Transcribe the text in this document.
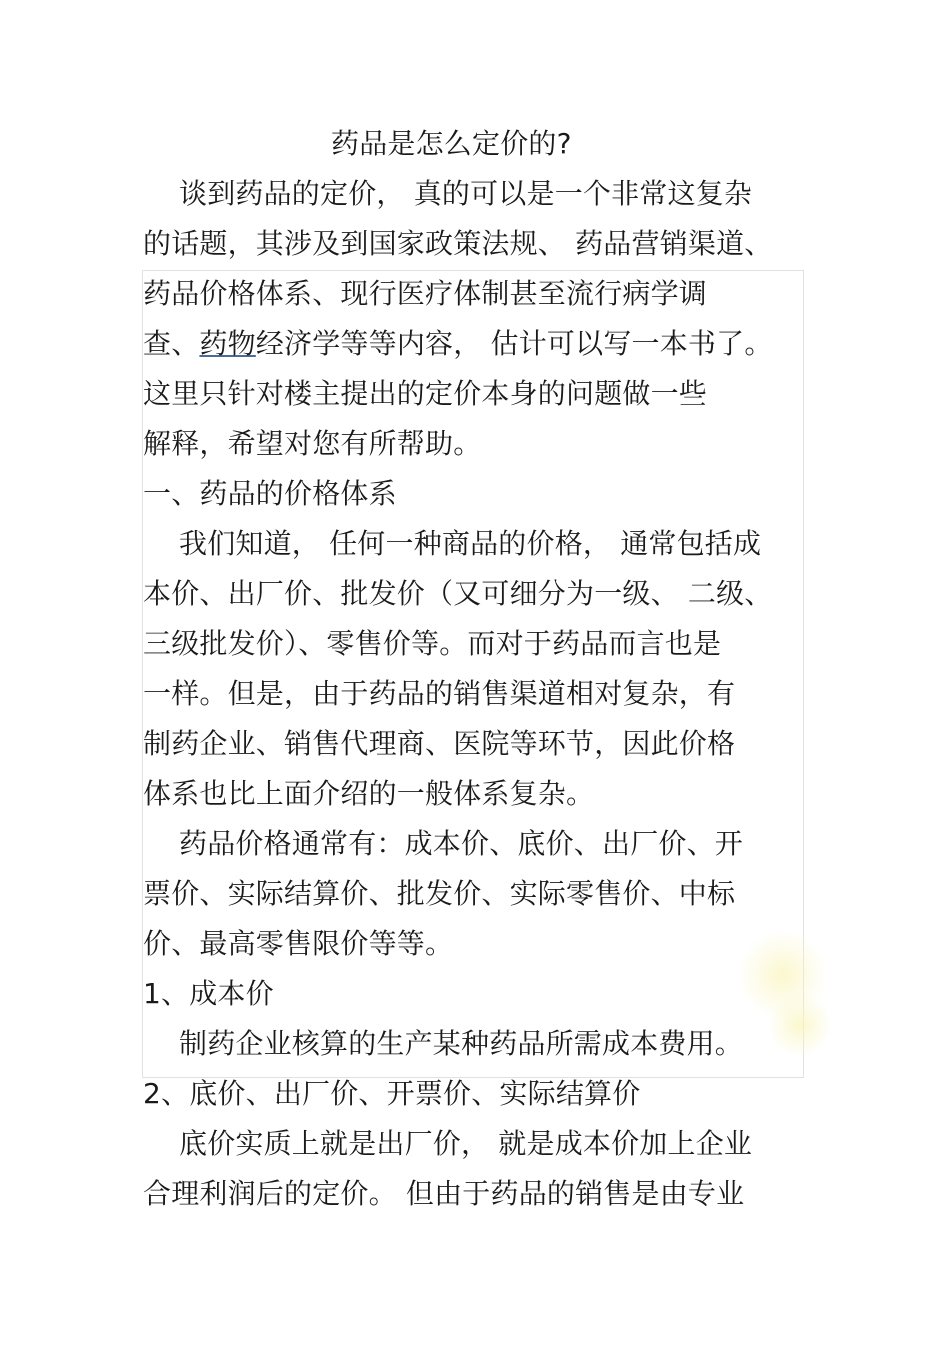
药品是怎么定价的?
谈到药品的定价， 真的可以是一个非常这复杂
的话题，其涉及到国家政策法规、 药品营销渠道、
药品价格体系、现行医疗体制甚至流行病学调
查、药物经济学等等内容， 估计可以写一本书了。
这里只针对楼主提出的定价本身的问题做一些
解释，希望对您有所帮助。
一、药品的价格体系
我们知道， 任何一种商品的价格， 通常包括成
本价、出厂价、批发价（又可细分为一级、 二级、
三级批发价）、零售价等。而对于药品而言也是
一样。但是，由于药品的销售渠道相对复杂，有
制药企业、销售代理商、医院等环节，因此价格
体系也比上面介绍的一般体系复杂。
药品价格通常有：成本价、底价、出厂价、开
票价、实际结算价、批发价、实际零售价、中标
价、最高零售限价等等。
1、成本价
制药企业核算的生产某种药品所需成本费用。
2、底价、出厂价、开票价、实际结算价
底价实质上就是出厂价， 就是成本价加上企业
合理利润后的定价。 但由于药品的销售是由专业
